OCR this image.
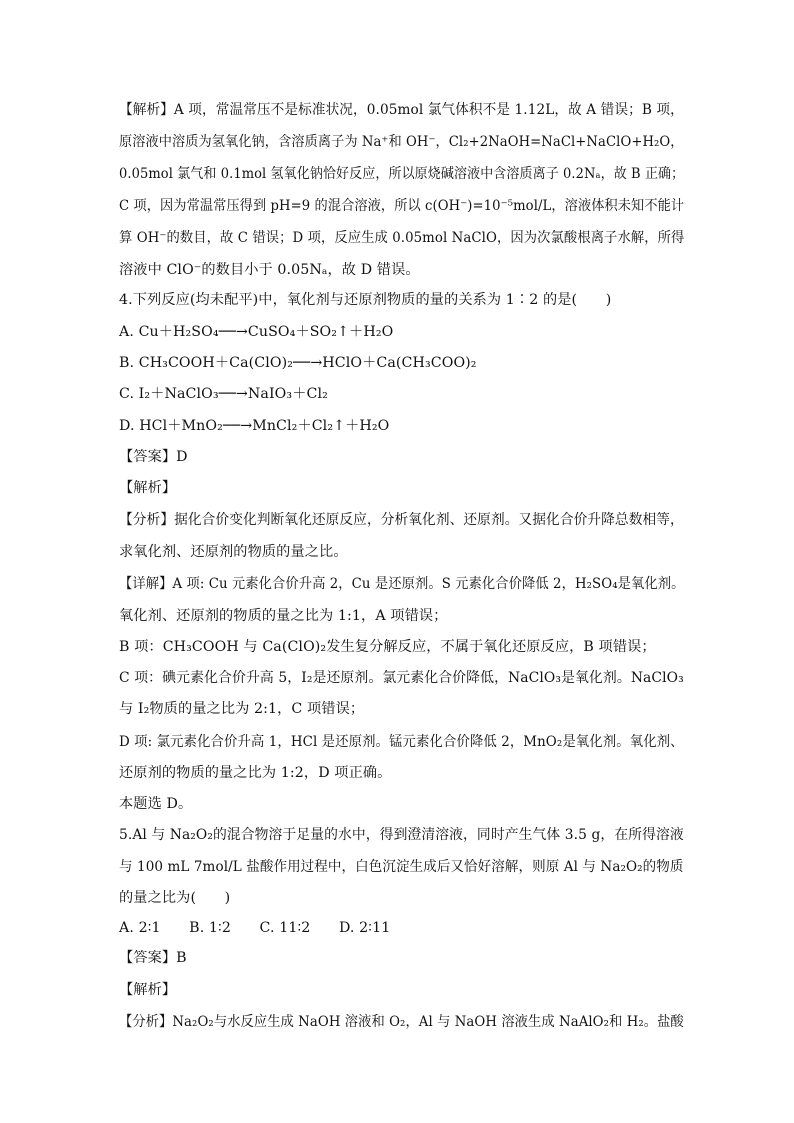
【解析】A 项，常温常压不是标准状况，0.05mol 氯气体积不是 1.12L，故 A 错误；B 项，
原溶液中溶质为氢氧化钠，含溶质离子为 Na⁺和 OH⁻，Cl₂+2NaOH=NaCl+NaClO+H₂O，
0.05mol 氯气和 0.1mol 氢氧化钠恰好反应，所以原烧碱溶液中含溶质离子 0.2Nₐ，故 B 正确；
C 项，因为常温常压得到 pH=9 的混合溶液，所以 c(OH⁻)=10⁻⁵mol/L，溶液体积未知不能计
算 OH⁻的数目，故 C 错误；D 项，反应生成 0.05mol NaClO，因为次氯酸根离子水解，所得
溶液中 ClO⁻的数目小于 0.05Nₐ，故 D 错误。
4.下列反应(均未配平)中，氧化剂与还原剂物质的量的关系为 1∶2 的是(　　)
A. Cu＋H₂SO₄──→CuSO₄＋SO₂↑＋H₂O
B. CH₃COOH＋Ca(ClO)₂──→HClO＋Ca(CH₃COO)₂
C. I₂＋NaClO₃──→NaIO₃＋Cl₂
D. HCl＋MnO₂──→MnCl₂＋Cl₂↑＋H₂O
【答案】D
【解析】
【分析】据化合价变化判断氧化还原反应，分析氧化剂、还原剂。又据化合价升降总数相等，
求氧化剂、还原剂的物质的量之比。
【详解】A 项: Cu 元素化合价升高 2，Cu 是还原剂。S 元素化合价降低 2，H₂SO₄是氧化剂。
氧化剂、还原剂的物质的量之比为 1:1，A 项错误；
B 项：CH₃COOH 与 Ca(ClO)₂发生复分解反应，不属于氧化还原反应，B 项错误；
C 项：碘元素化合价升高 5，I₂是还原剂。氯元素化合价降低，NaClO₃是氧化剂。NaClO₃
与 I₂物质的量之比为 2:1，C 项错误；
D 项: 氯元素化合价升高 1，HCl 是还原剂。锰元素化合价降低 2，MnO₂是氧化剂。氧化剂、
还原剂的物质的量之比为 1:2，D 项正确。
本题选 D。
5.Al 与 Na₂O₂的混合物溶于足量的水中，得到澄清溶液，同时产生气体 3.5 g，在所得溶液
与 100 mL 7mol/L 盐酸作用过程中，白色沉淀生成后又恰好溶解，则原 Al 与 Na₂O₂的物质
的量之比为(　　)
A. 2∶1　　B. 1∶2　　C. 11∶2　　D. 2∶11
【答案】B
【解析】
【分析】Na₂O₂与水反应生成 NaOH 溶液和 O₂，Al 与 NaOH 溶液生成 NaAlO₂和 H₂。盐酸
